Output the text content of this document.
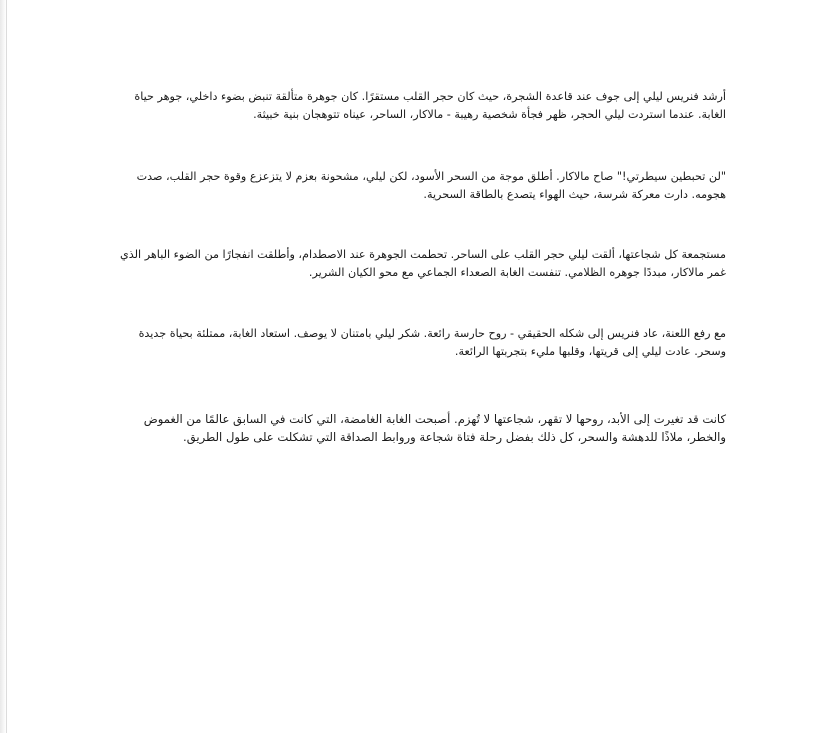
أرشد فنريس ليلي إلى جوف عند قاعدة الشجرة، حيث كان حجر القلب مستقرًا. كان جوهرة متألقة تنبض بضوء داخلي، جوهر حياة الغابة. عندما استردت ليلي الحجر، ظهر فجأة شخصية رهيبة - مالاكار، الساحر، عيناه تتوهجان بنية خبيثة.

"لن تحبطين سيطرتي!" صاح مالاكار. أطلق موجة من السحر الأسود، لكن ليلي، مشحونة بعزم لا يتزعزع وقوة حجر القلب، صدت هجومه. دارت معركة شرسة، حيث الهواء يتصدع بالطاقة السحرية.

مستجمعة كل شجاعتها، ألقت ليلي حجر القلب على الساحر. تحطمت الجوهرة عند الاصطدام، وأطلقت انفجارًا من الضوء الباهر الذي غمر مالاكار، مبددًا جوهره الظلامي. تنفست الغابة الصعداء الجماعي مع محو الكيان الشرير.

مع رفع اللعنة، عاد فنريس إلى شكله الحقيقي - روح حارسة رائعة. شكر ليلي بامتنان لا يوصف. استعاد الغابة، ممتلئة بحياة جديدة وسحر. عادت ليلي إلى قريتها، وقلبها مليء بتجربتها الرائعة.

كانت قد تغيرت إلى الأبد، روحها لا تقهر، شجاعتها لا تُهزم. أصبحت الغابة الغامضة، التي كانت في السابق عالمًا من الغموض والخطر، ملاذًا للدهشة والسحر، كل ذلك بفضل رحلة فتاة شجاعة وروابط الصداقة التي تشكلت على طول الطريق.
